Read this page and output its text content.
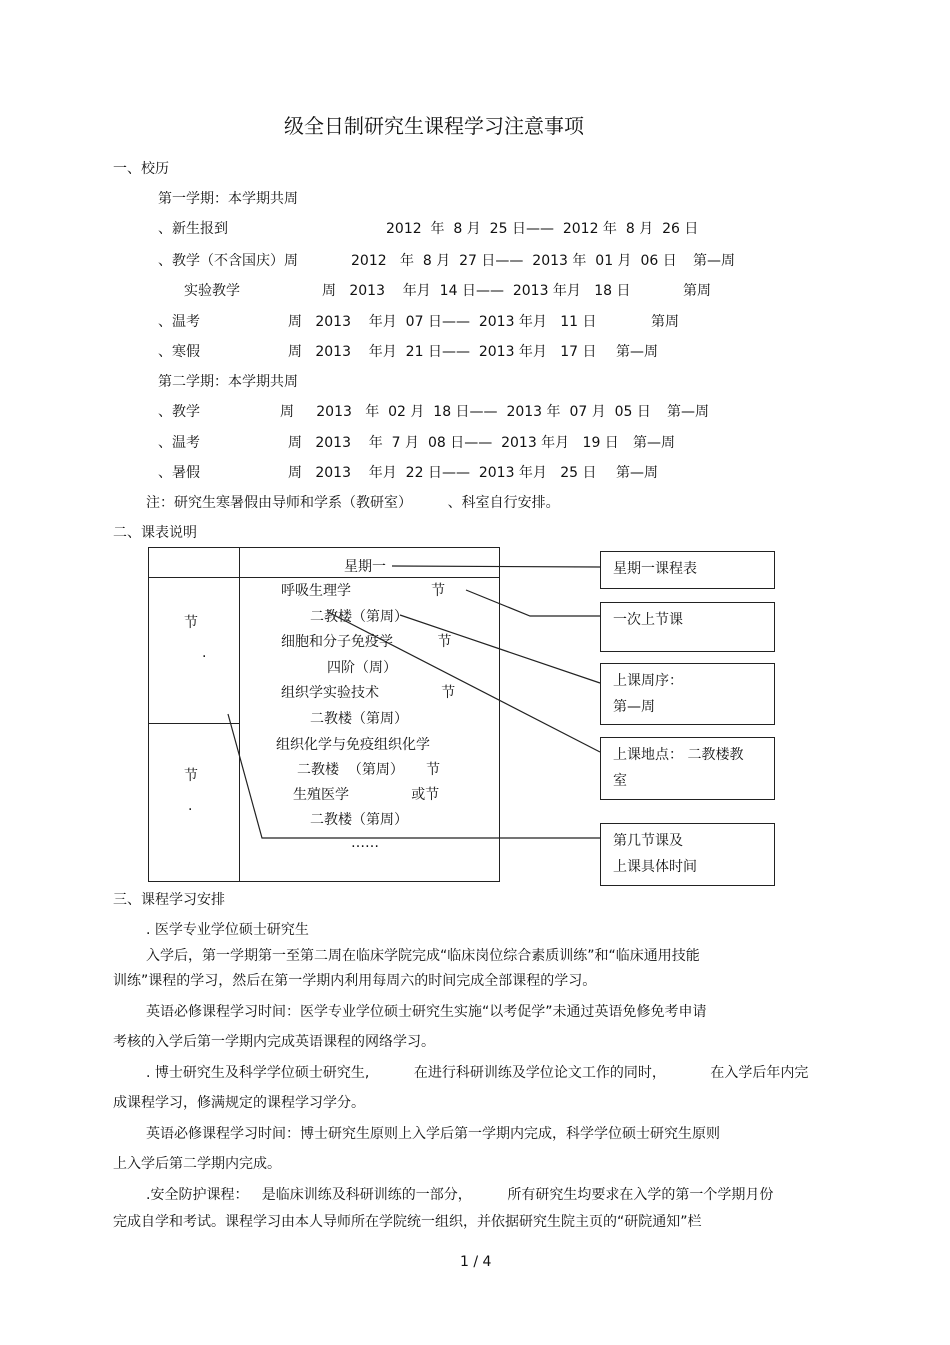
级全日制研究生课程学习注意事项
一、校历
第一学期：本学期共周
、新生报到	2012  年  8 月  25 日——  2012 年  8 月  26 日
、教学（不含国庆）周	2012   年  8 月  27 日——  2013 年  01 月  06 日 第—周
实验教学	周   2013    年月  14 日——  2013 年月   18 日	第周
、温考	周   2013    年月  07 日——  2013 年月   11 日	第周
、寒假	周   2013    年月  21 日——  2013 年月   17 日 第—周
第二学期：本学期共周
、教学	周     2013   年  02 月  18 日——  2013 年  07 月  05 日 第—周
、温考	周   2013    年  7 月  08 日——  2013 年月   19 日 第—周
、暑假	周   2013    年月  22 日——  2013 年月   25 日 第—周
注：研究生寒暑假由导师和学系（教研室）        、科室自行安排。
二、课表说明
星期一
节
.
节
.
呼吸生理学                  节
二教楼（第周）
细胞和分子免疫学          节
四阶（周）
组织学实验技术              节
二教楼（第周）
组织化学与免疫组织化学
二教楼  （第周）     节
生殖医学              或节
二教楼（第周）
……
星期一课程表
一次上节课
上课周序：
第—周
上课地点： 二教楼教
室
第几节课及
上课具体时间
三、课程学习安排
. 医学专业学位硕士研究生
入学后，第一学期第一至第二周在临床学院完成“临床岗位综合素质训练”和“临床通用技能
训练”课程的学习，然后在第一学期内利用每周六的时间完成全部课程的学习。
英语必修课程学习时间：医学专业学位硕士研究生实施“以考促学”未通过英语免修免考申请
考核的入学后第一学期内完成英语课程的网络学习。
. 博士研究生及科学学位硕士研究生,          在进行科研训练及学位论文工作的同时，          在入学后年内完
成课程学习，修满规定的课程学习学分。
英语必修课程学习时间：博士研究生原则上入学后第一学期内完成，科学学位硕士研究生原则
上入学后第二学期内完成。
.安全防护课程：   是临床训练及科研训练的一部分，        所有研究生均要求在入学的第一个学期月份
完成自学和考试。课程学习由本人导师所在学院统一组织，并依据研究生院主页的“研院通知”栏
1 / 4
